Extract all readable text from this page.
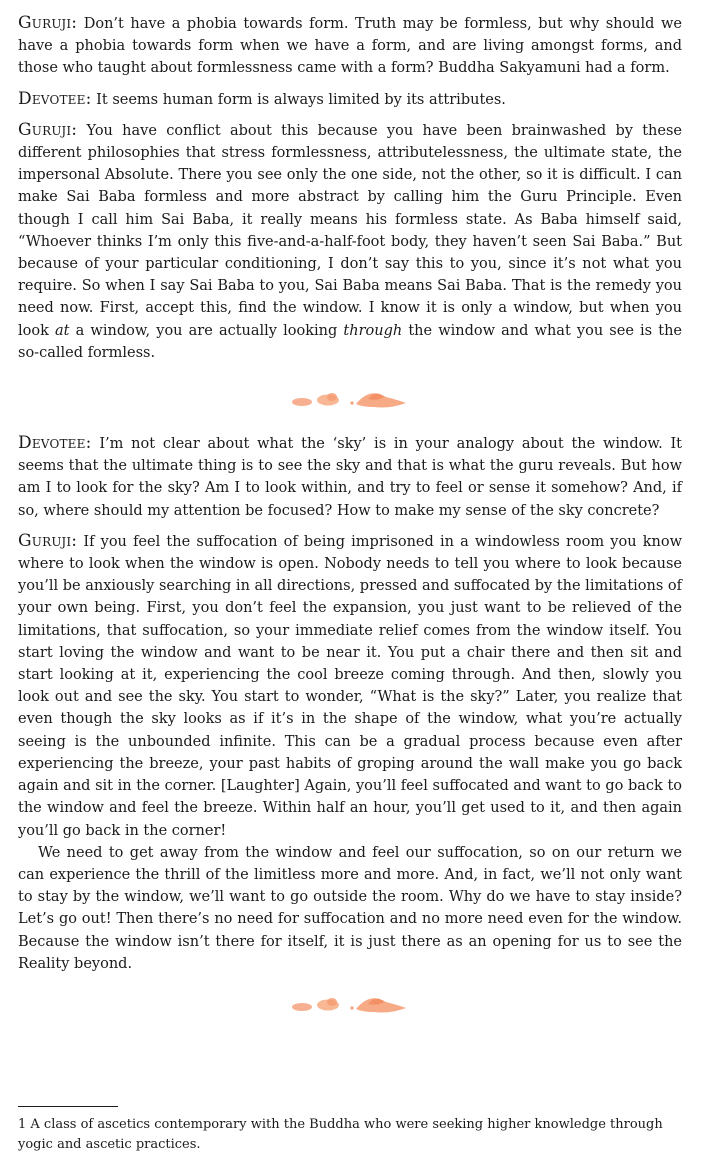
Guruji: Don’t have a phobia towards form. Truth may be formless, but why should we have a phobia towards form when we have a form, and are living amongst forms, and those who taught about formlessness came with a form? Buddha Sakyamuni had a form.

Devotee: It seems human form is always limited by its attributes.

Guruji: You have conflict about this because you have been brainwashed by these different philosophies that stress formlessness, attributelessness, the ultimate state, the impersonal Absolute. There you see only the one side, not the other, so it is difficult. I can make Sai Baba formless and more abstract by calling him the Guru Principle. Even though I call him Sai Baba, it really means his formless state. As Baba himself said, “Whoever thinks I’m only this five-and-a-half-foot body, they haven’t seen Sai Baba.” But because of your particular conditioning, I don’t say this to you, since it’s not what you require. So when I say Sai Baba to you, Sai Baba means Sai Baba. That is the remedy you need now. First, accept this, find the window. I know it is only a window, but when you look at a window, you are actually looking through the window and what you see is the so-called formless.

Devotee: I’m not clear about what the ‘sky’ is in your analogy about the window. It seems that the ultimate thing is to see the sky and that is what the guru reveals. But how am I to look for the sky? Am I to look within, and try to feel or sense it somehow? And, if so, where should my attention be focused? How to make my sense of the sky concrete?

Guruji: If you feel the suffocation of being imprisoned in a windowless room you know where to look when the window is open. Nobody needs to tell you where to look because you’ll be anxiously searching in all directions, pressed and suffocated by the limitations of your own being. First, you don’t feel the expansion, you just want to be relieved of the limitations, that suffocation, so your immediate relief comes from the window itself. You start loving the window and want to be near it. You put a chair there and then sit and start looking at it, experiencing the cool breeze coming through. And then, slowly you look out and see the sky. You start to wonder, “What is the sky?” Later, you realize that even though the sky looks as if it’s in the shape of the window, what you’re actually seeing is the unbounded infinite. This can be a gradual process because even after experiencing the breeze, your past habits of groping around the wall make you go back again and sit in the corner. [Laughter] Again, you’ll feel suffocated and want to go back to the window and feel the breeze. Within half an hour, you’ll get used to it, and then again you’ll go back in the corner!

We need to get away from the window and feel our suffocation, so on our return we can experience the thrill of the limitless more and more. And, in fact, we’ll not only want to stay by the window, we’ll want to go outside the room. Why do we have to stay inside? Let’s go out! Then there’s no need for suffocation and no more need even for the window. Because the window isn’t there for itself, it is just there as an opening for us to see the Reality beyond.

1 A class of ascetics contemporary with the Buddha who were seeking higher knowledge through yogic and ascetic practices.
